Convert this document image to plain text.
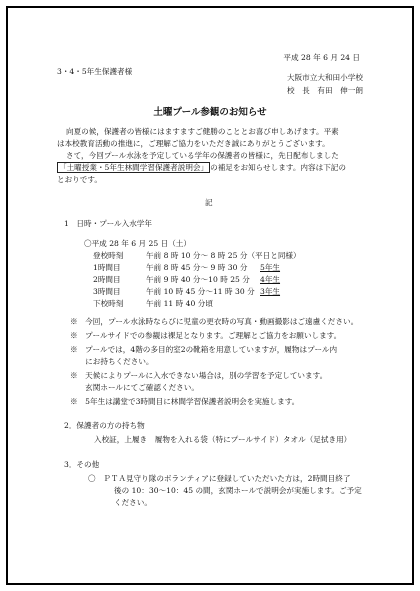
平成 28 年 6 月 24 日
3・4・5年生保護者様
大阪市立大和田小学校
校　長　有田　伸一朗
土曜プール参観のお知らせ
向夏の候，保護者の皆様にはますますご健勝のこととお喜び申しあげます。平素
は本校教育活動の推進に，ご理解ご協力をいただき誠にありがとうございます。
さて，今回プール水泳を予定している学年の保護者の皆様に，先日配布しました
「土曜授業・5年生林間学習保護者説明会」 の補足をお知らせします。内容は下記の
とおりです。
記
1　日時・プール入水学年
〇平成 28 年 6 月 25 日（土）
登校時刻	午前 8 時 10 分～ 8 時 25 分（平日と同様）
1時間目	午前 8 時 45 分～ 9 時 30 分 5年生
2時間目	午前 9 時 40 分～10 時 25 分 4年生
3時間目	午前 10 時 45 分～11 時 30 分 3年生
下校時刻	午前 11 時 40 分頃
※　今回，プール水泳時ならびに児童の更衣時の写真・動画撮影はご遠慮ください。
※　プールサイドでの参観は裸足となります。ご理解とご協力をお願いします。
※　プールでは，4階の多目的室2の靴箱を用意していますが，履物はプール内
　　にお持ちください。
※　天候によりプールに入水できない場合は，別の学習を予定しています。
　　玄関ホールにてご確認ください。
※　5年生は講堂で3時間目に林間学習保護者説明会を実施します。
2．保護者の方の持ち物
入校証，上履き　履物を入れる袋（特にプールサイド）タオル（足拭き用）
3．その他
〇　ＰＴＡ見守り隊のボランティアに登録していただいた方は，2時間目終了
後の 10：30～10：45 の間，玄関ホールで説明会が実施します。ご予定
ください。
